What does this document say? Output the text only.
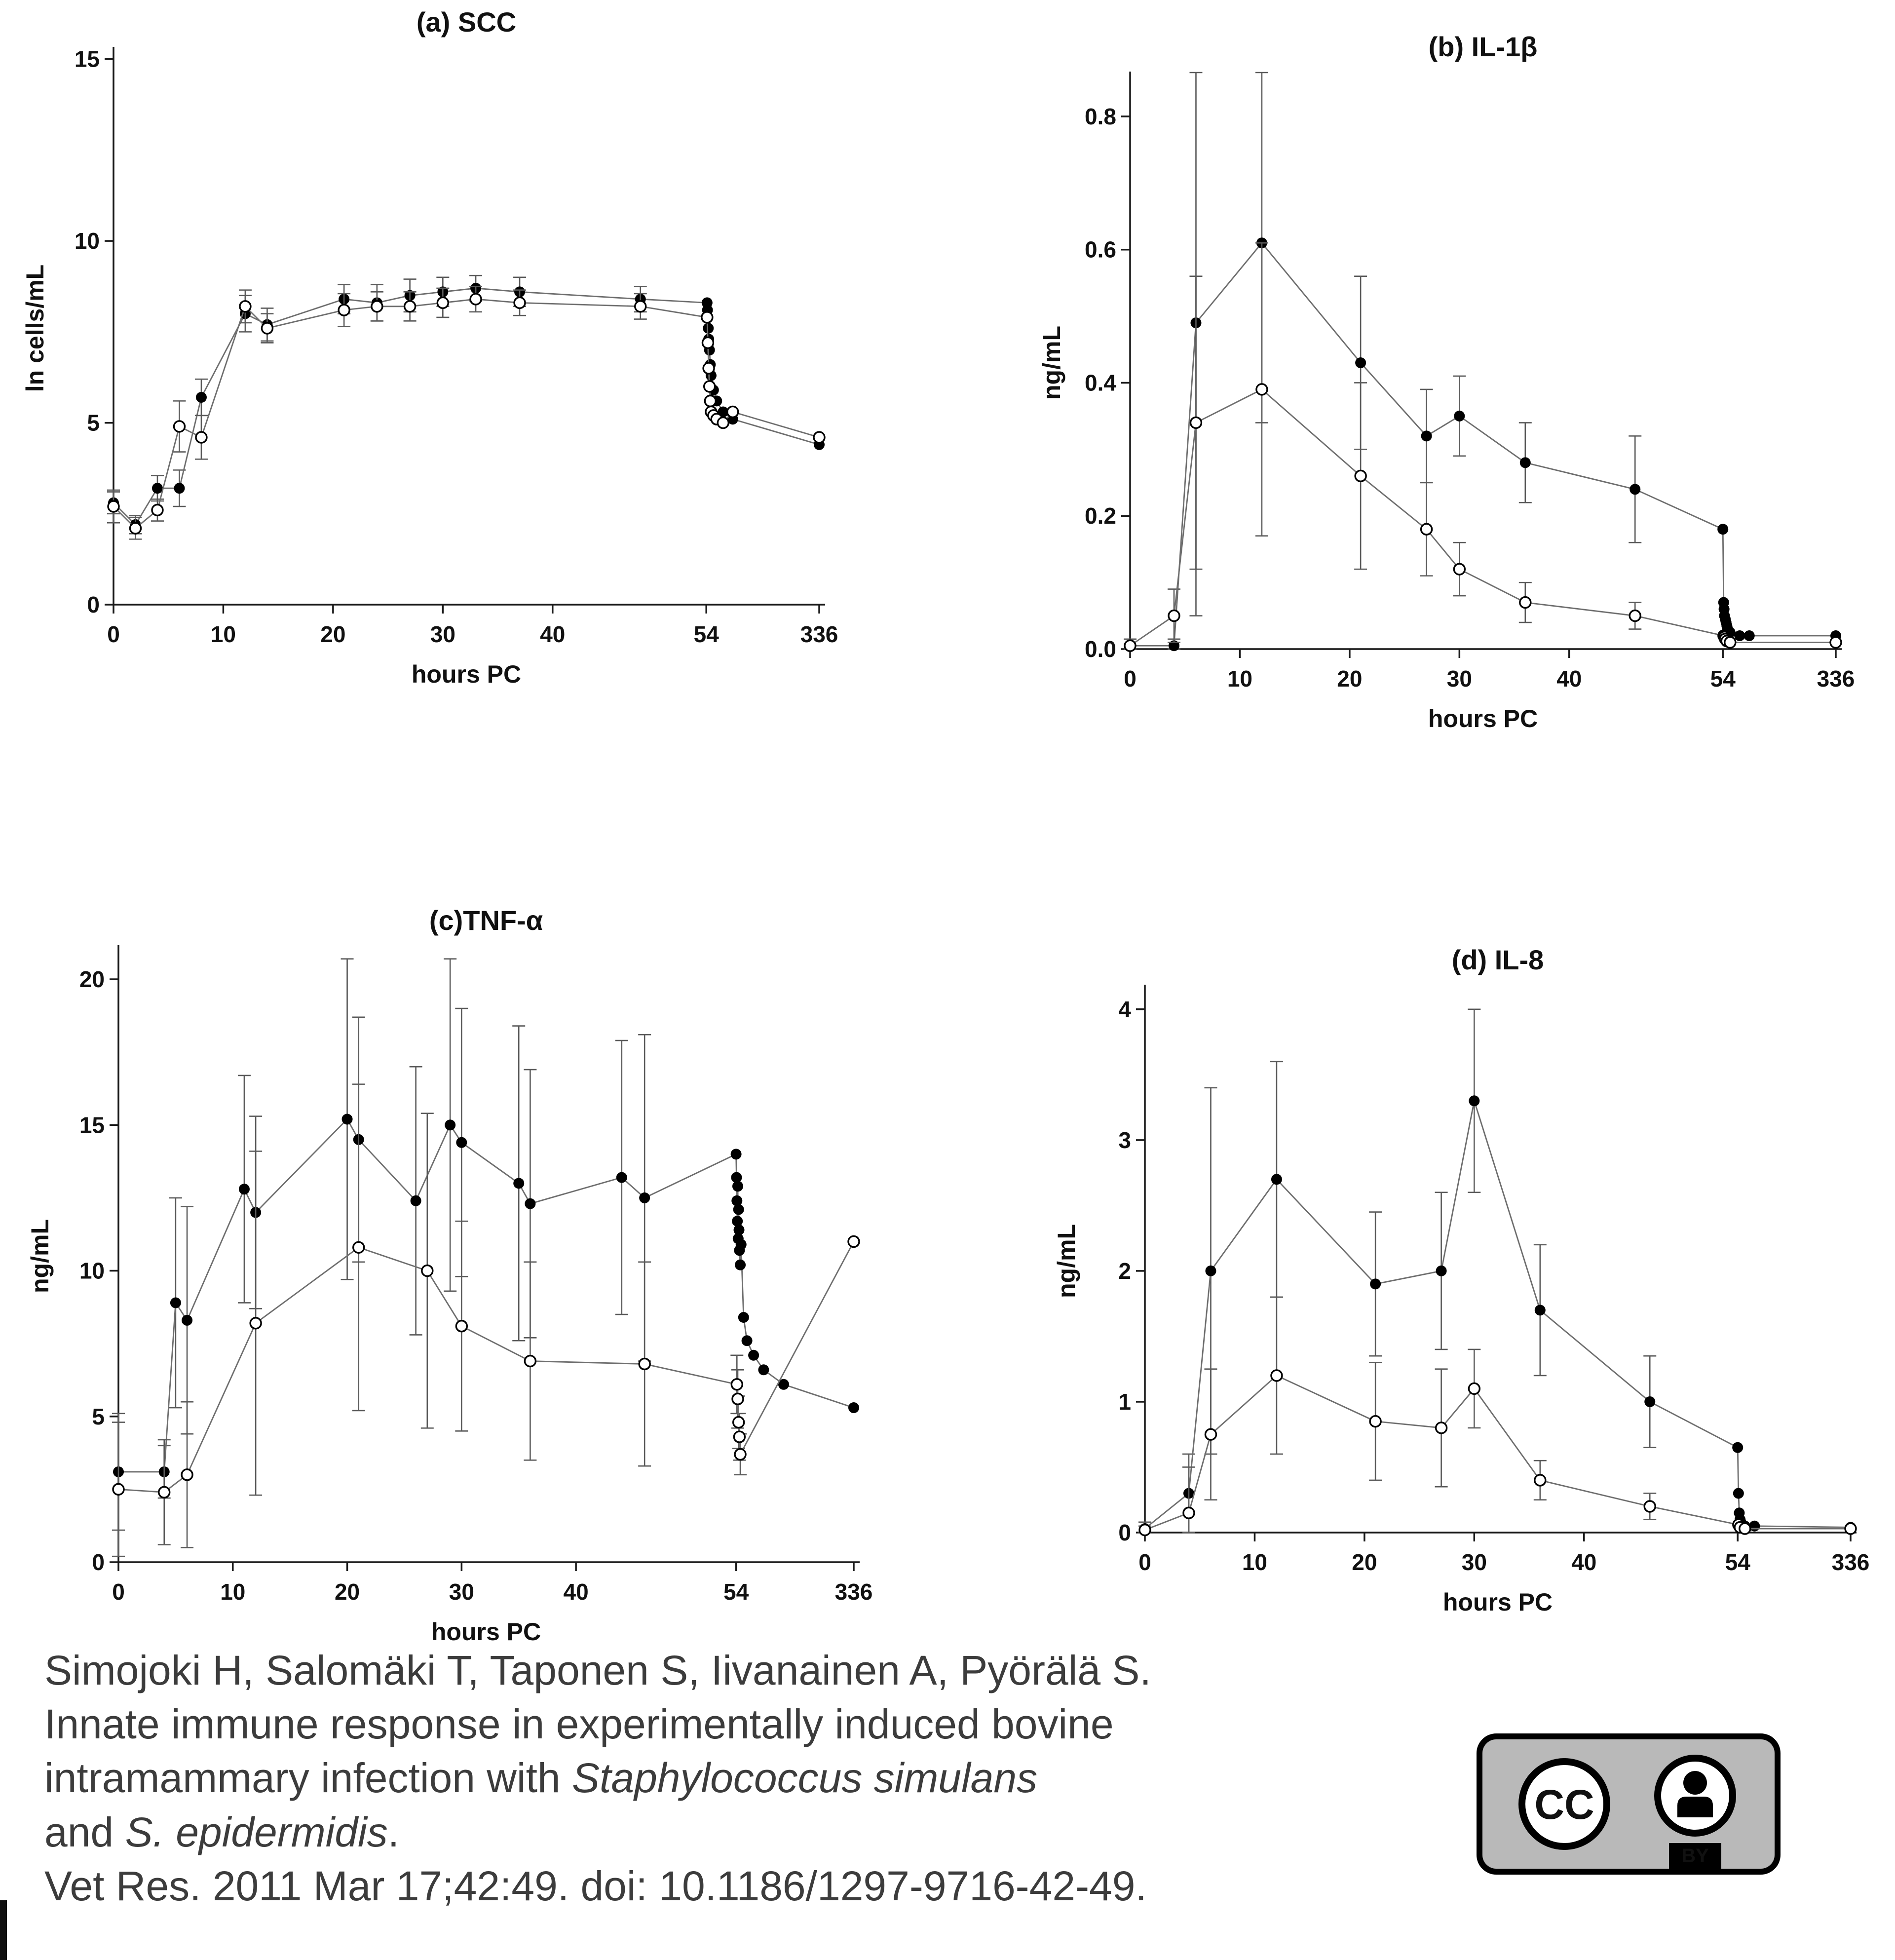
(a) SCC
0
5
10
15
0	10	20	30	40	54	336
ln cells/mL
hours PC
(b) IL-1β
0.0
0.2
0.4
0.6
0.8
0	10	20	30	40	54	336
ng/mL
hours PC
(c)TNF-α
0
5
10
15
20
0	10	20	30	40	54	336
ng/mL
hours PC
(d) IL-8
0
1
2
3
4
0	10	20	30	40	54	336
ng/mL
hours PC
Simojoki H, Salomäki T, Taponen S, Iivanainen A, Pyörälä S.
Innate immune response in experimentally induced bovine
intramammary infection with Staphylococcus simulans
and S. epidermidis.
Vet Res. 2011 Mar 17;42:49. doi: 10.1186/1297-9716-42-49.
CC
BY
